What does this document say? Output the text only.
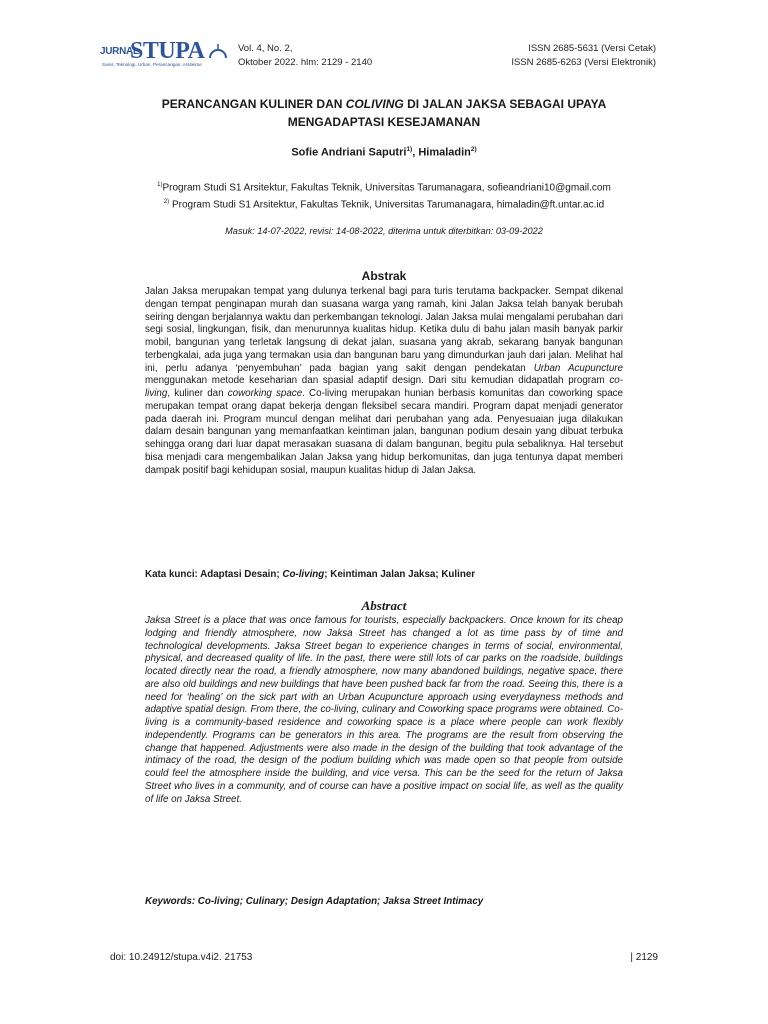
JURNAL
STUPA
Sains, Teknologi, Urban, Perancangan, Arsitektur
Vol. 4, No. 2,
Oktober 2022. hlm: 2129 - 2140
ISSN 2685-5631 (Versi Cetak)
ISSN 2685-6263 (Versi Elektronik)
PERANCANGAN KULINER DAN COLIVING DI JALAN JAKSA SEBAGAI UPAYA
MENGADAPTASI KESEJAMANAN
Sofie Andriani Saputri$^{1)}$, Himaladin$^{2)}$
$^{1)}$Program Studi S1 Arsitektur, Fakultas Teknik, Universitas Tarumanagara, sofieandriani10@gmail.com
$^{2)}$ Program Studi S1 Arsitektur, Fakultas Teknik, Universitas Tarumanagara, himaladin@ft.untar.ac.id
Masuk: 14-07-2022, revisi: 14-08-2022, diterima untuk diterbitkan: 03-09-2022
Abstrak
Jalan Jaksa merupakan tempat yang dulunya terkenal bagi para turis terutama backpacker. Sempat dikenal dengan tempat penginapan murah dan suasana warga yang ramah, kini Jalan Jaksa telah banyak berubah seiring dengan berjalannya waktu dan perkembangan teknologi. Jalan Jaksa mulai mengalami perubahan dari segi sosial, lingkungan, fisik, dan menurunnya kualitas hidup. Ketika dulu di bahu jalan masih banyak parkir mobil, bangunan yang terletak langsung di dekat jalan, suasana yang akrab, sekarang banyak bangunan terbengkalai, ada juga yang termakan usia dan bangunan baru yang dimundurkan jauh dari jalan. Melihat hal ini, perlu adanya ‘penyembuhan’ pada bagian yang sakit dengan pendekatan Urban Acupuncture menggunakan metode keseharian dan spasial adaptif design. Dari situ kemudian didapatlah program co-living, kuliner dan coworking space. Co-living merupakan hunian berbasis komunitas dan coworking space merupakan tempat orang dapat bekerja dengan fleksibel secara mandiri. Program dapat menjadi generator pada daerah ini. Program muncul dengan melihat dari perubahan yang ada. Penyesuaian juga dilakukan dalam desain bangunan yang memanfaatkan keintiman jalan, bangunan podium desain yang dibuat terbuka sehingga orang dari luar dapat merasakan suasana di dalam bangunan, begitu pula sebaliknya. Hal tersebut bisa menjadi cara mengembalikan Jalan Jaksa yang hidup berkomunitas, dan juga tentunya dapat memberi dampak positif bagi kehidupan sosial, maupun kualitas hidup di Jalan Jaksa.
Kata kunci: Adaptasi Desain; Co-living; Keintiman Jalan Jaksa; Kuliner
Abstract
Jaksa Street is a place that was once famous for tourists, especially backpackers. Once known for its cheap lodging and friendly atmosphere, now Jaksa Street has changed a lot as time pass by of time and technological developments. Jaksa Street began to experience changes in terms of social, environmental, physical, and decreased quality of life. In the past, there were still lots of car parks on the roadside, buildings located directly near the road, a friendly atmosphere, now many abandoned buildings, negative space, there are also old buildings and new buildings that have been pushed back far from the road. Seeing this, there is a need for ‘healing’ on the sick part with an Urban Acupuncture approach using everydayness methods and adaptive spatial design. From there, the co-living, culinary and Coworking space programs were obtained. Co-living is a community-based residence and coworking space is a place where people can work flexibly independently. Programs can be generators in this area. The programs are the result from observing the change that happened. Adjustments were also made in the design of the building that took advantage of the intimacy of the road, the design of the podium building which was made open so that people from outside could feel the atmosphere inside the building, and vice versa. This can be the seed for the return of Jaksa Street who lives in a community, and of course can have a positive impact on social life, as well as the quality of life on Jaksa Street.
Keywords: Co-living; Culinary; Design Adaptation; Jaksa Street Intimacy
doi: 10.24912/stupa.v4i2. 21753	| 2129
